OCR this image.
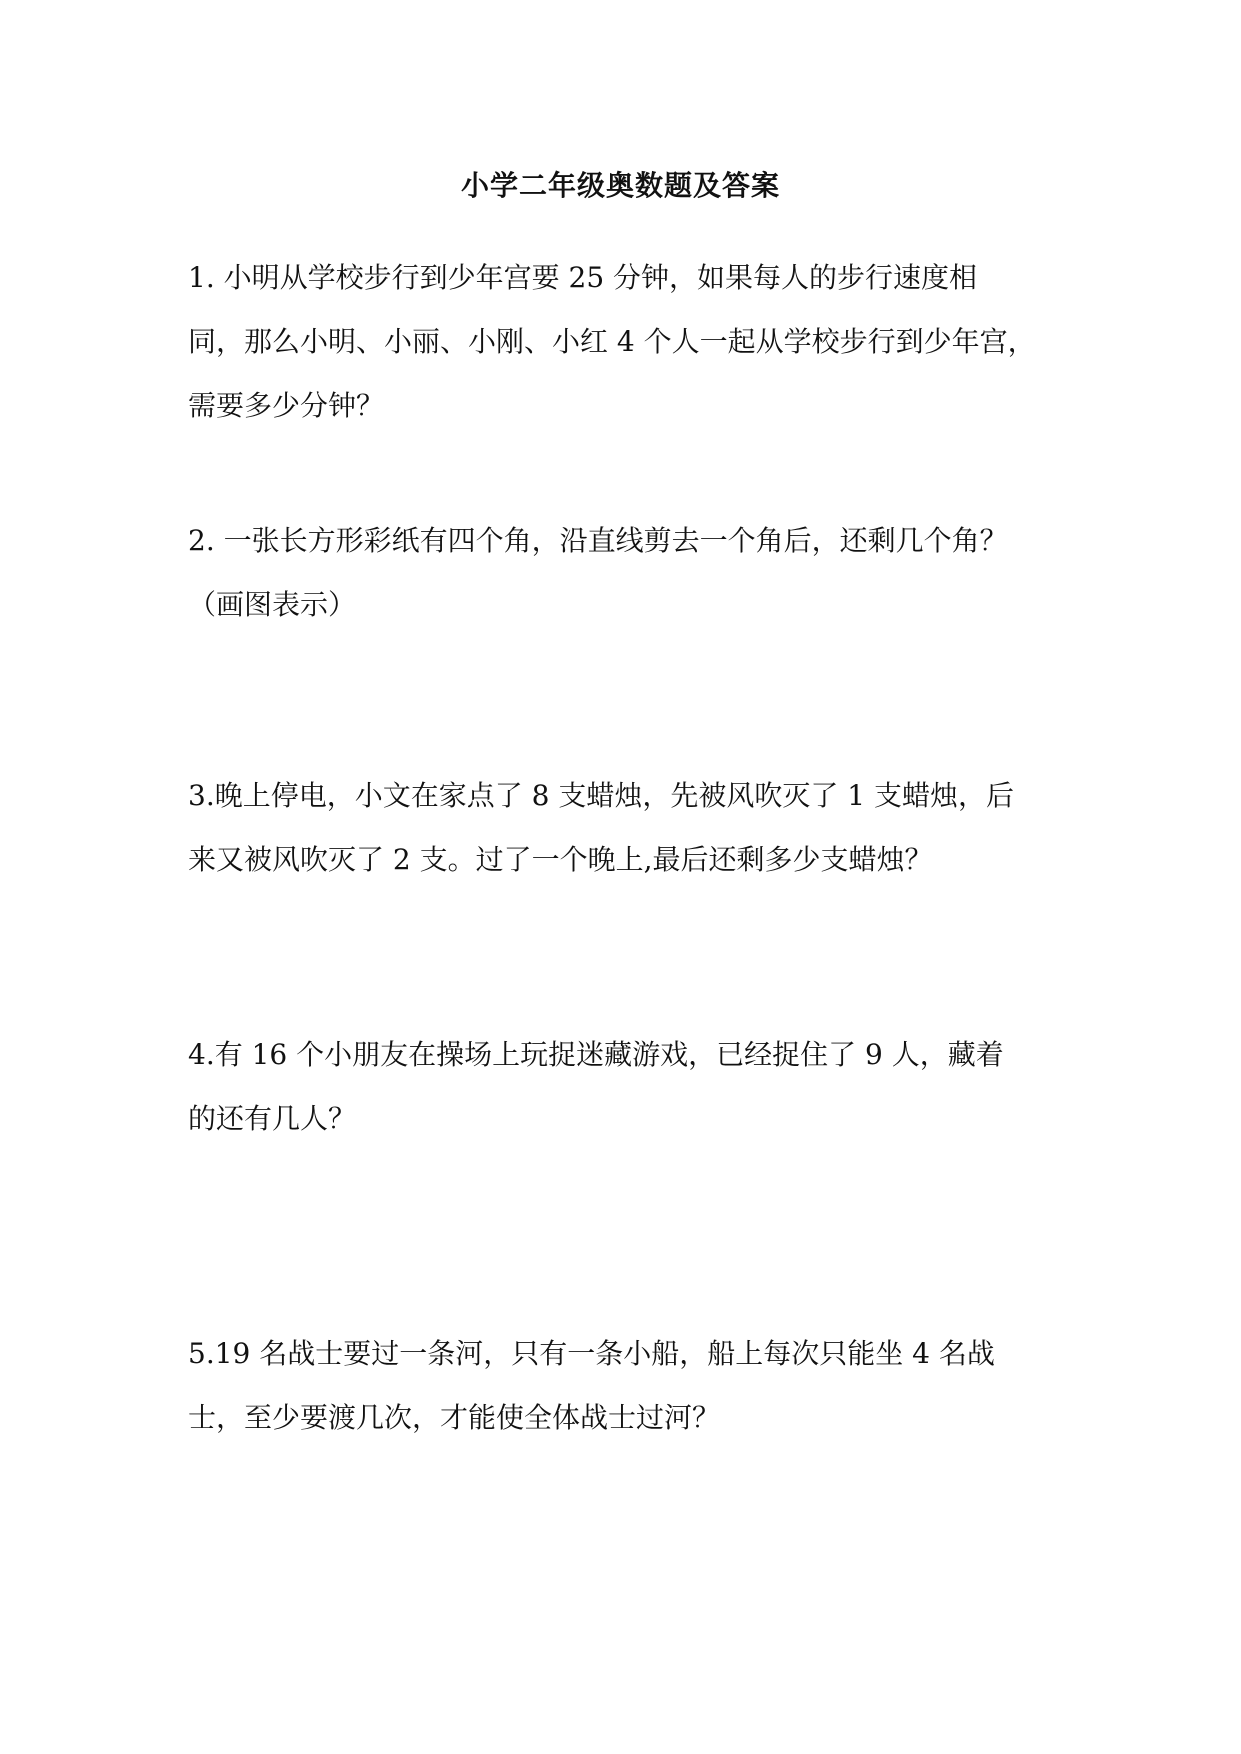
小学二年级奥数题及答案
1. 小明从学校步行到少年宫要 25 分钟，如果每人的步行速度相
同，那么小明、小丽、小刚、小红 4 个人一起从学校步行到少年宫，
需要多少分钟？
2. 一张长方形彩纸有四个角，沿直线剪去一个角后，还剩几个角？
（画图表示）
3.晚上停电，小文在家点了 8 支蜡烛，先被风吹灭了 1 支蜡烛，后
来又被风吹灭了 2 支。过了一个晚上,最后还剩多少支蜡烛？
4.有 16 个小朋友在操场上玩捉迷藏游戏，已经捉住了 9 人，藏着
的还有几人？
5.19 名战士要过一条河，只有一条小船，船上每次只能坐 4 名战
士，至少要渡几次，才能使全体战士过河？
